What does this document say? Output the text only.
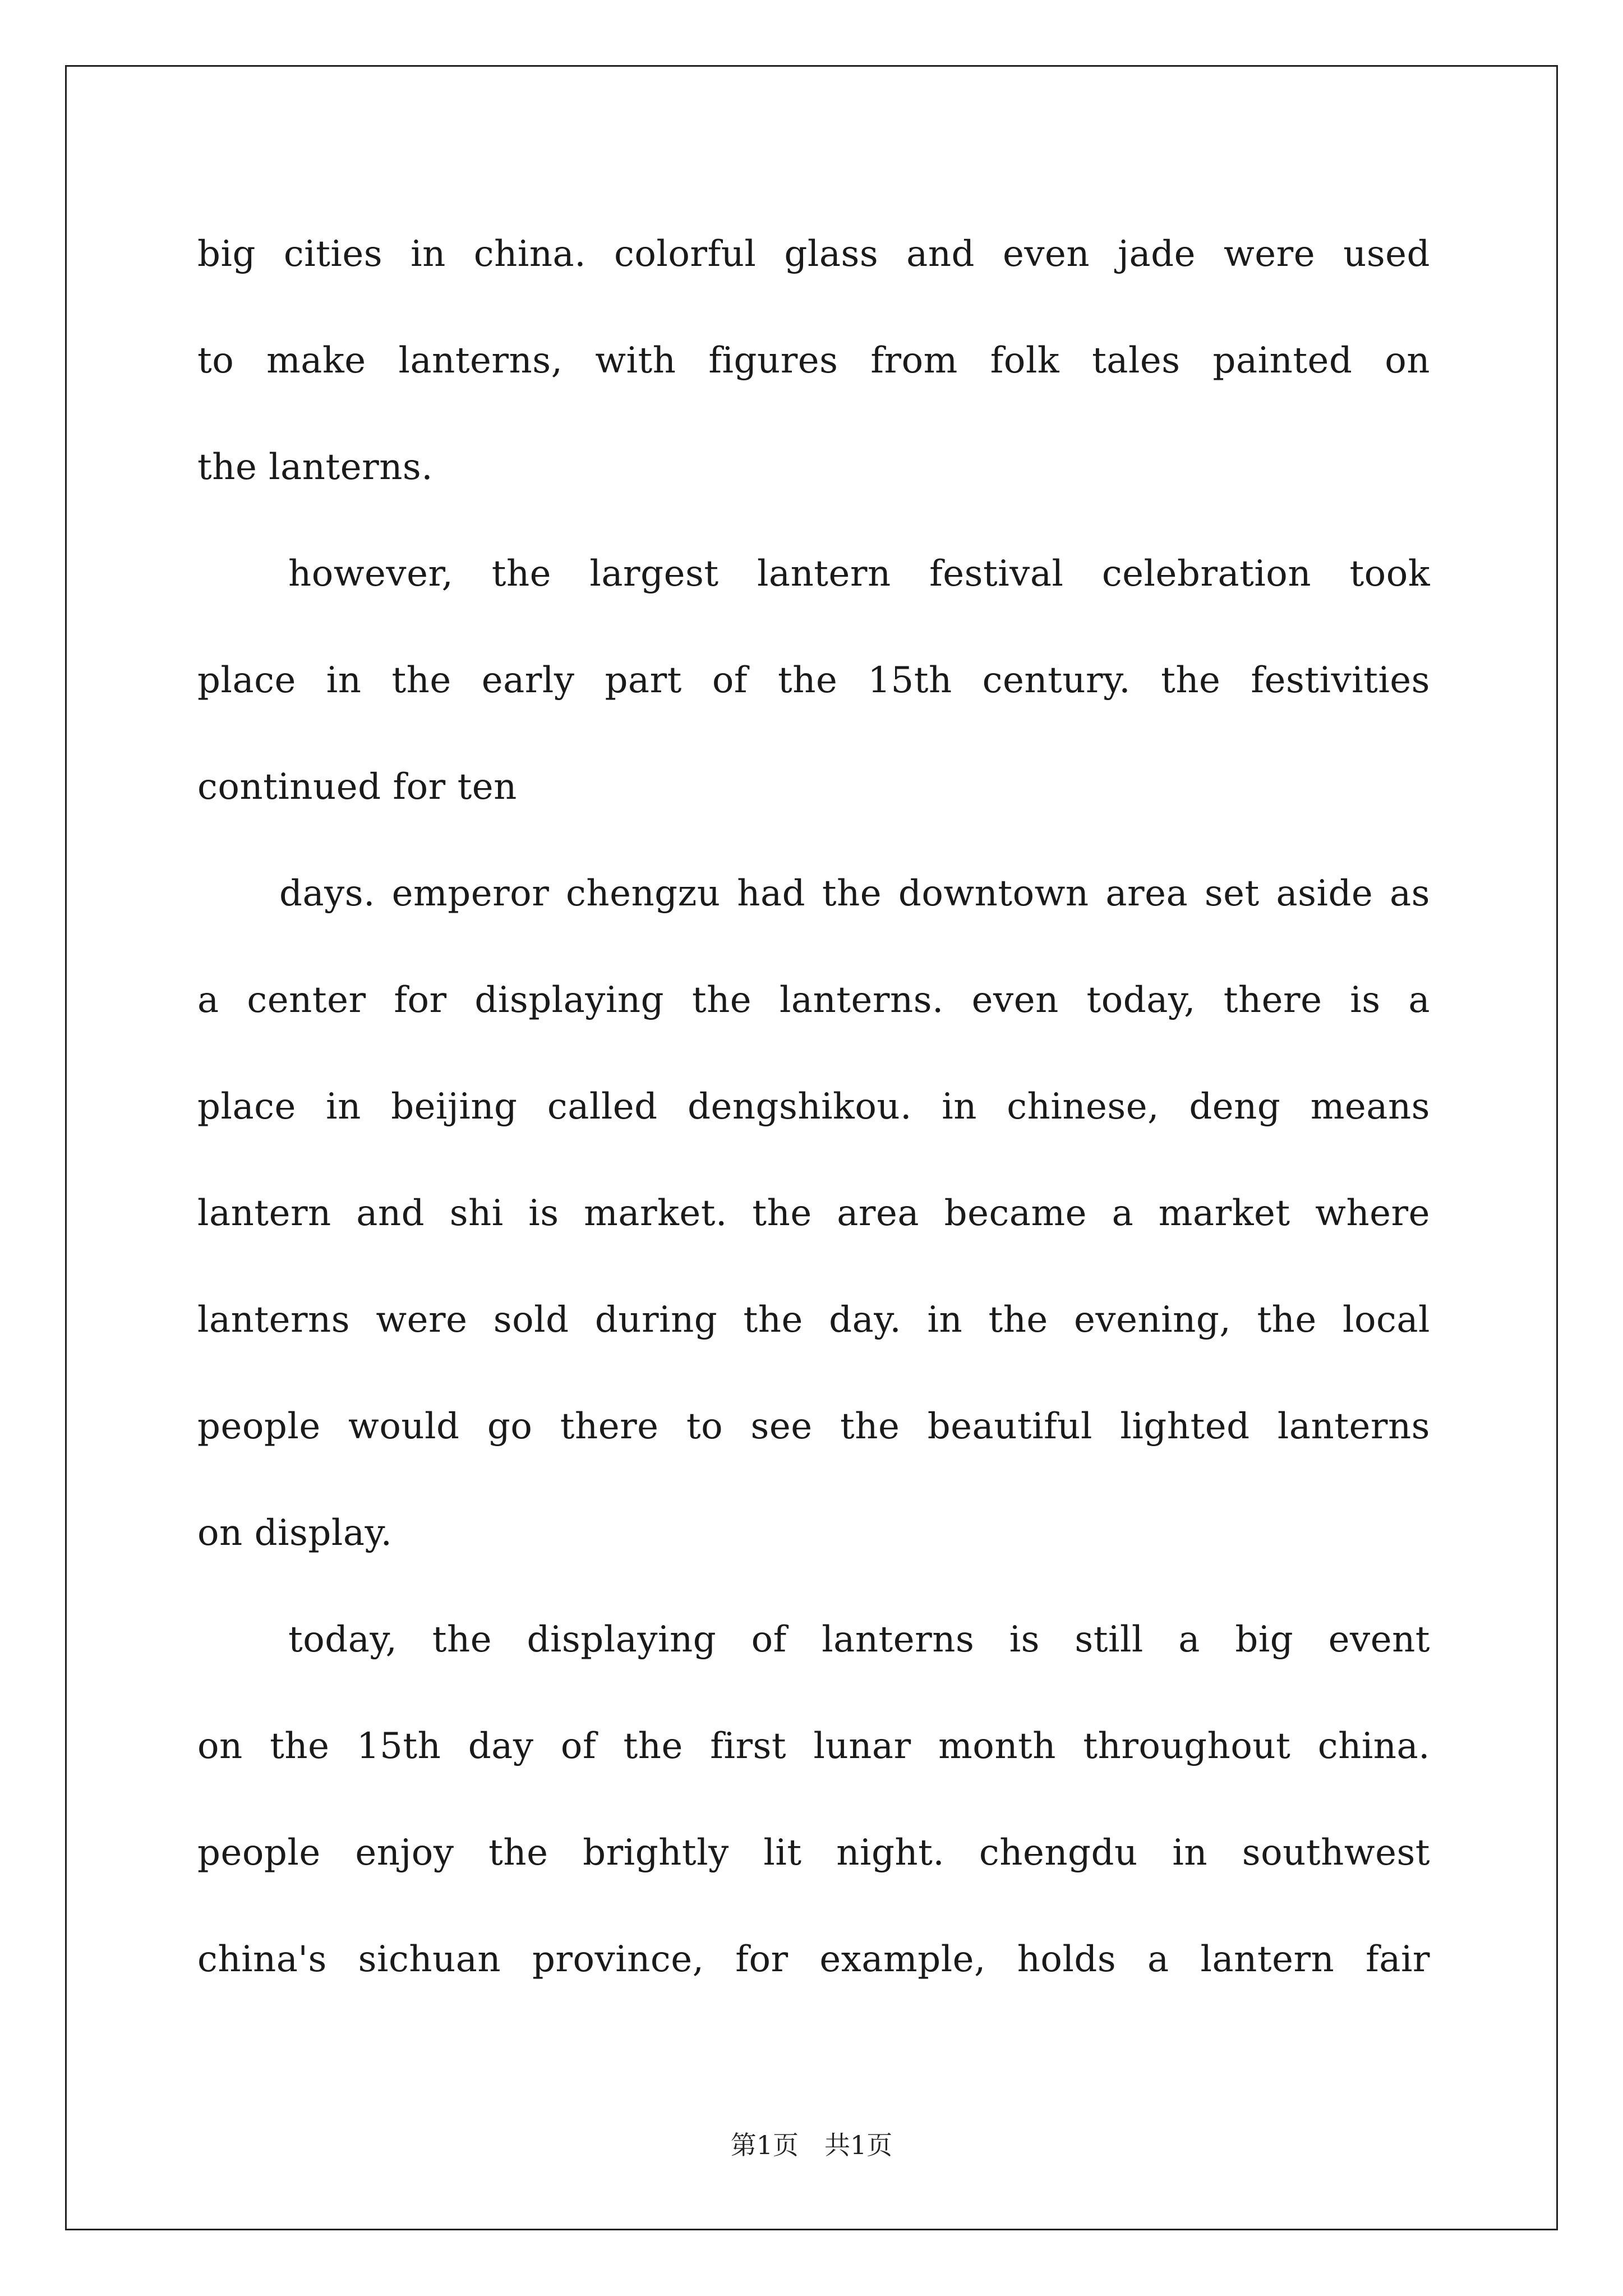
big cities in china. colorful glass and even jade were used
to make lanterns, with figures from folk tales painted on
the lanterns.
however, the largest lantern festival celebration took
place in the early part of the 15th century. the festivities
continued for ten
days. emperor chengzu had the downtown area set aside as
a center for displaying the lanterns. even today, there is a
place in beijing called dengshikou. in chinese, deng means
lantern and shi is market. the area became a market where
lanterns were sold during the day. in the evening, the local
people would go there to see the beautiful lighted lanterns
on display.
today, the displaying of lanterns is still a big event
on the 15th day of the first lunar month throughout china.
people enjoy the brightly lit night. chengdu in southwest
china's sichuan province, for example, holds a lantern fair
第1页　共1页
